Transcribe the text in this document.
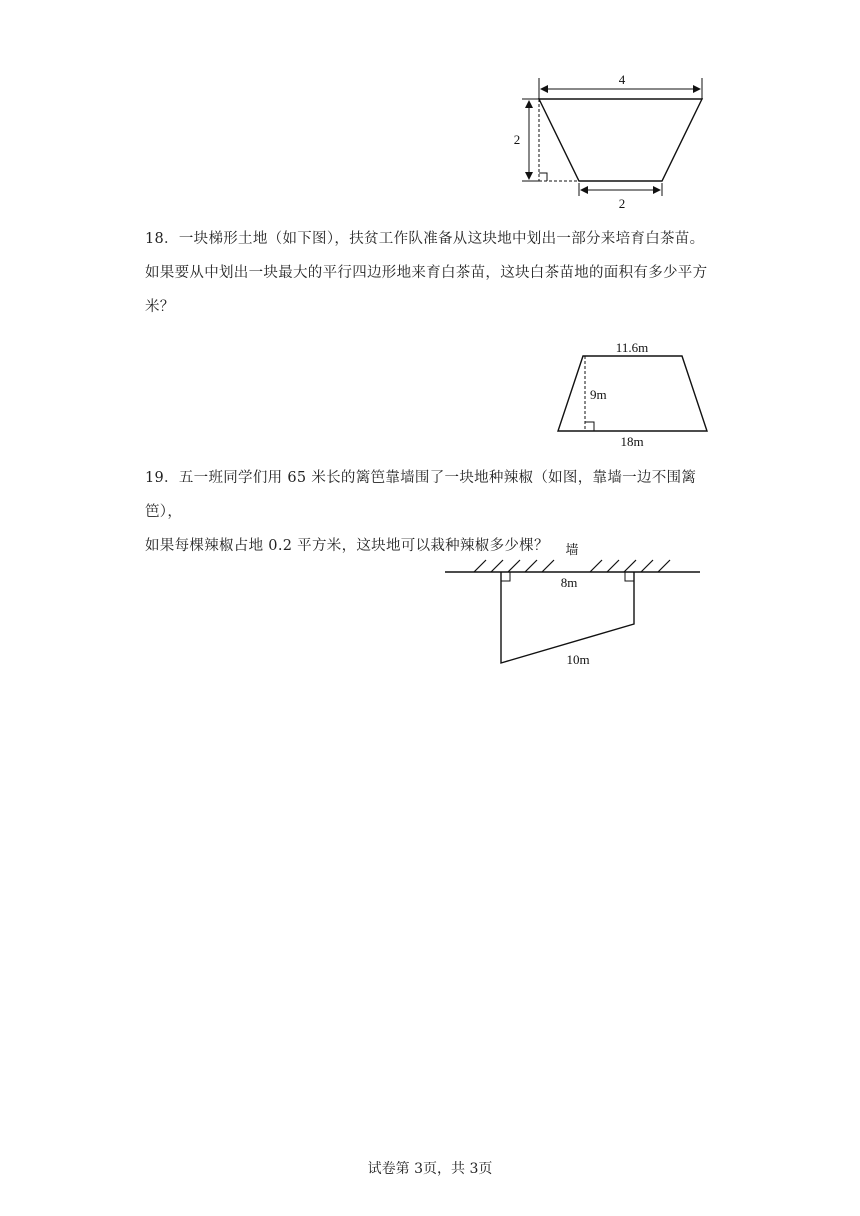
4
2
2

18．一块梯形土地（如下图），扶贫工作队准备从这块地中划出一部分来培育白茶苗。
如果要从中划出一块最大的平行四边形地来育白茶苗，这块白茶苗地的面积有多少平方
米？

11.6m
9m
18m

19．五一班同学们用 65 米长的篱笆靠墙围了一块地种辣椒（如图，靠墙一边不围篱笆），
如果每棵辣椒占地 0.2 平方米，这块地可以栽种辣椒多少棵？	墙
8m
10m
试卷第 3页，共 3页
